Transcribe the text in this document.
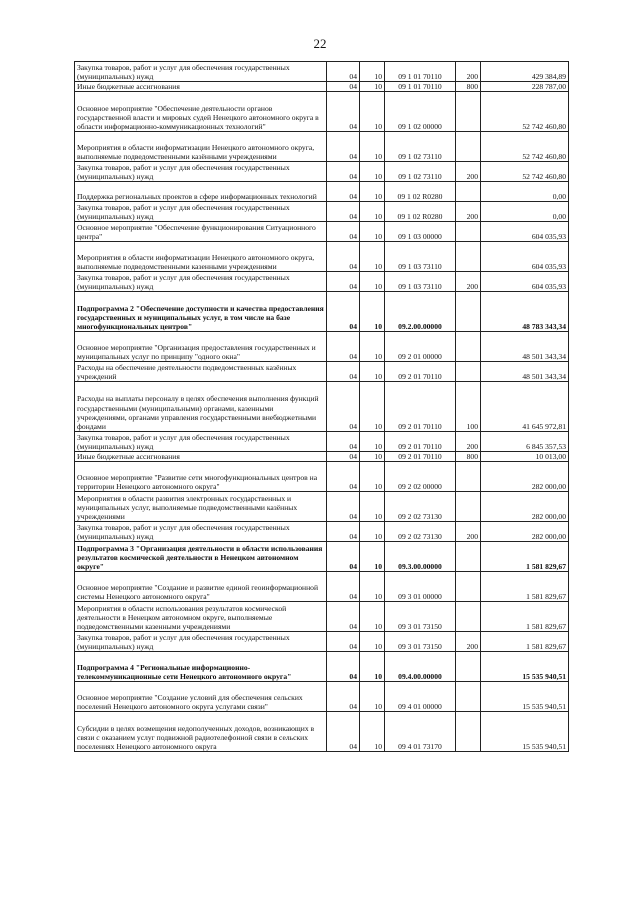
22
Закупка товаров, работ и услуг для обеспечения государственных (муниципальных) нужд	04	10	09 1 01 70110	200	429 384,89
Иные бюджетные ассигнования	04	10	09 1 01 70110	800	228 787,00
Основное мероприятие "Обеспечение деятельности органов государственной власти и мировых судей Ненецкого автономного округа в области информационно-коммуникационных технологий"	04	10	09 1 02 00000		52 742 460,80
Мероприятия в области информатизации Ненецкого автономного округа, выполняемые подведомственными казёнными учреждениями	04	10	09 1 02 73110		52 742 460,80
Закупка товаров, работ и услуг для обеспечения государственных (муниципальных) нужд	04	10	09 1 02 73110	200	52 742 460,80
Поддержка региональных проектов в сфере информационных технологий	04	10	09 1 02 R0280		0,00
Закупка товаров, работ и услуг для обеспечения государственных (муниципальных) нужд	04	10	09 1 02 R0280	200	0,00
Основное мероприятие "Обеспечение функционирования Ситуационного центра"	04	10	09 1 03 00000		604 035,93
Мероприятия в области информатизации Ненецкого автономного округа, выполняемые подведомственными казенными учреждениями	04	10	09 1 03 73110		604 035,93
Закупка товаров, работ и услуг для обеспечения государственных (муниципальных) нужд	04	10	09 1 03 73110	200	604 035,93
Подпрограмма 2 "Обеспечение доступности и качества предоставления государственных и муниципальных услуг, в том числе на базе многофункциональных центров"	04	10	09.2.00.00000		48 783 343,34
Основное мероприятие "Организация предоставления государственных и муниципальных услуг по принципу "одного окна"	04	10	09 2 01 00000		48 501 343,34
Расходы на обеспечение деятельности подведомственных казённых учреждений	04	10	09 2 01 70110		48 501 343,34
Расходы на выплаты персоналу в целях обеспечения выполнения функций государственными (муниципальными) органами, казенными учреждениями, органами управления государственными внебюджетными фондами	04	10	09 2 01 70110	100	41 645 972,81
Закупка товаров, работ и услуг для обеспечения государственных (муниципальных) нужд	04	10	09 2 01 70110	200	6 845 357,53
Иные бюджетные ассигнования	04	10	09 2 01 70110	800	10 013,00
Основное мероприятие "Развитие сети многофункциональных центров на территории Ненецкого автономного округа"	04	10	09 2 02 00000		282 000,00
Мероприятия в области развития электронных государственных и муниципальных услуг, выполняемые подведомственными казённых учреждениями	04	10	09 2 02 73130		282 000,00
Закупка товаров, работ и услуг для обеспечения государственных (муниципальных) нужд	04	10	09 2 02 73130	200	282 000,00
Подпрограмма 3 "Организация деятельности в области использования результатов космической деятельности в Ненецком автономном округе"	04	10	09.3.00.00000		1 581 829,67
Основное мероприятие "Создание и развитие единой геоинформационной системы Ненецкого автономного округа"	04	10	09 3 01 00000		1 581 829,67
Мероприятия в области использования результатов космической деятельности в Ненецком автономном округе, выполняемые подведомственными казенными учреждениями	04	10	09 3 01 73150		1 581 829,67
Закупка товаров, работ и услуг для обеспечения государственных (муниципальных) нужд	04	10	09 3 01 73150	200	1 581 829,67
Подпрограмма 4 "Региональные информационно-телекоммуникационные сети Ненецкого автономного округа"	04	10	09.4.00.00000		15 535 940,51
Основное мероприятие "Создание условий для обеспечения сельских поселений Ненецкого автономного округа услугами связи"	04	10	09 4 01 00000		15 535 940,51
Субсидии в целях возмещения недополученных доходов, возникающих в связи с оказанием услуг подвижной радиотелефонной связи в сельских поселениях Ненецкого автономного округа	04	10	09 4 01 73170		15 535 940,51
